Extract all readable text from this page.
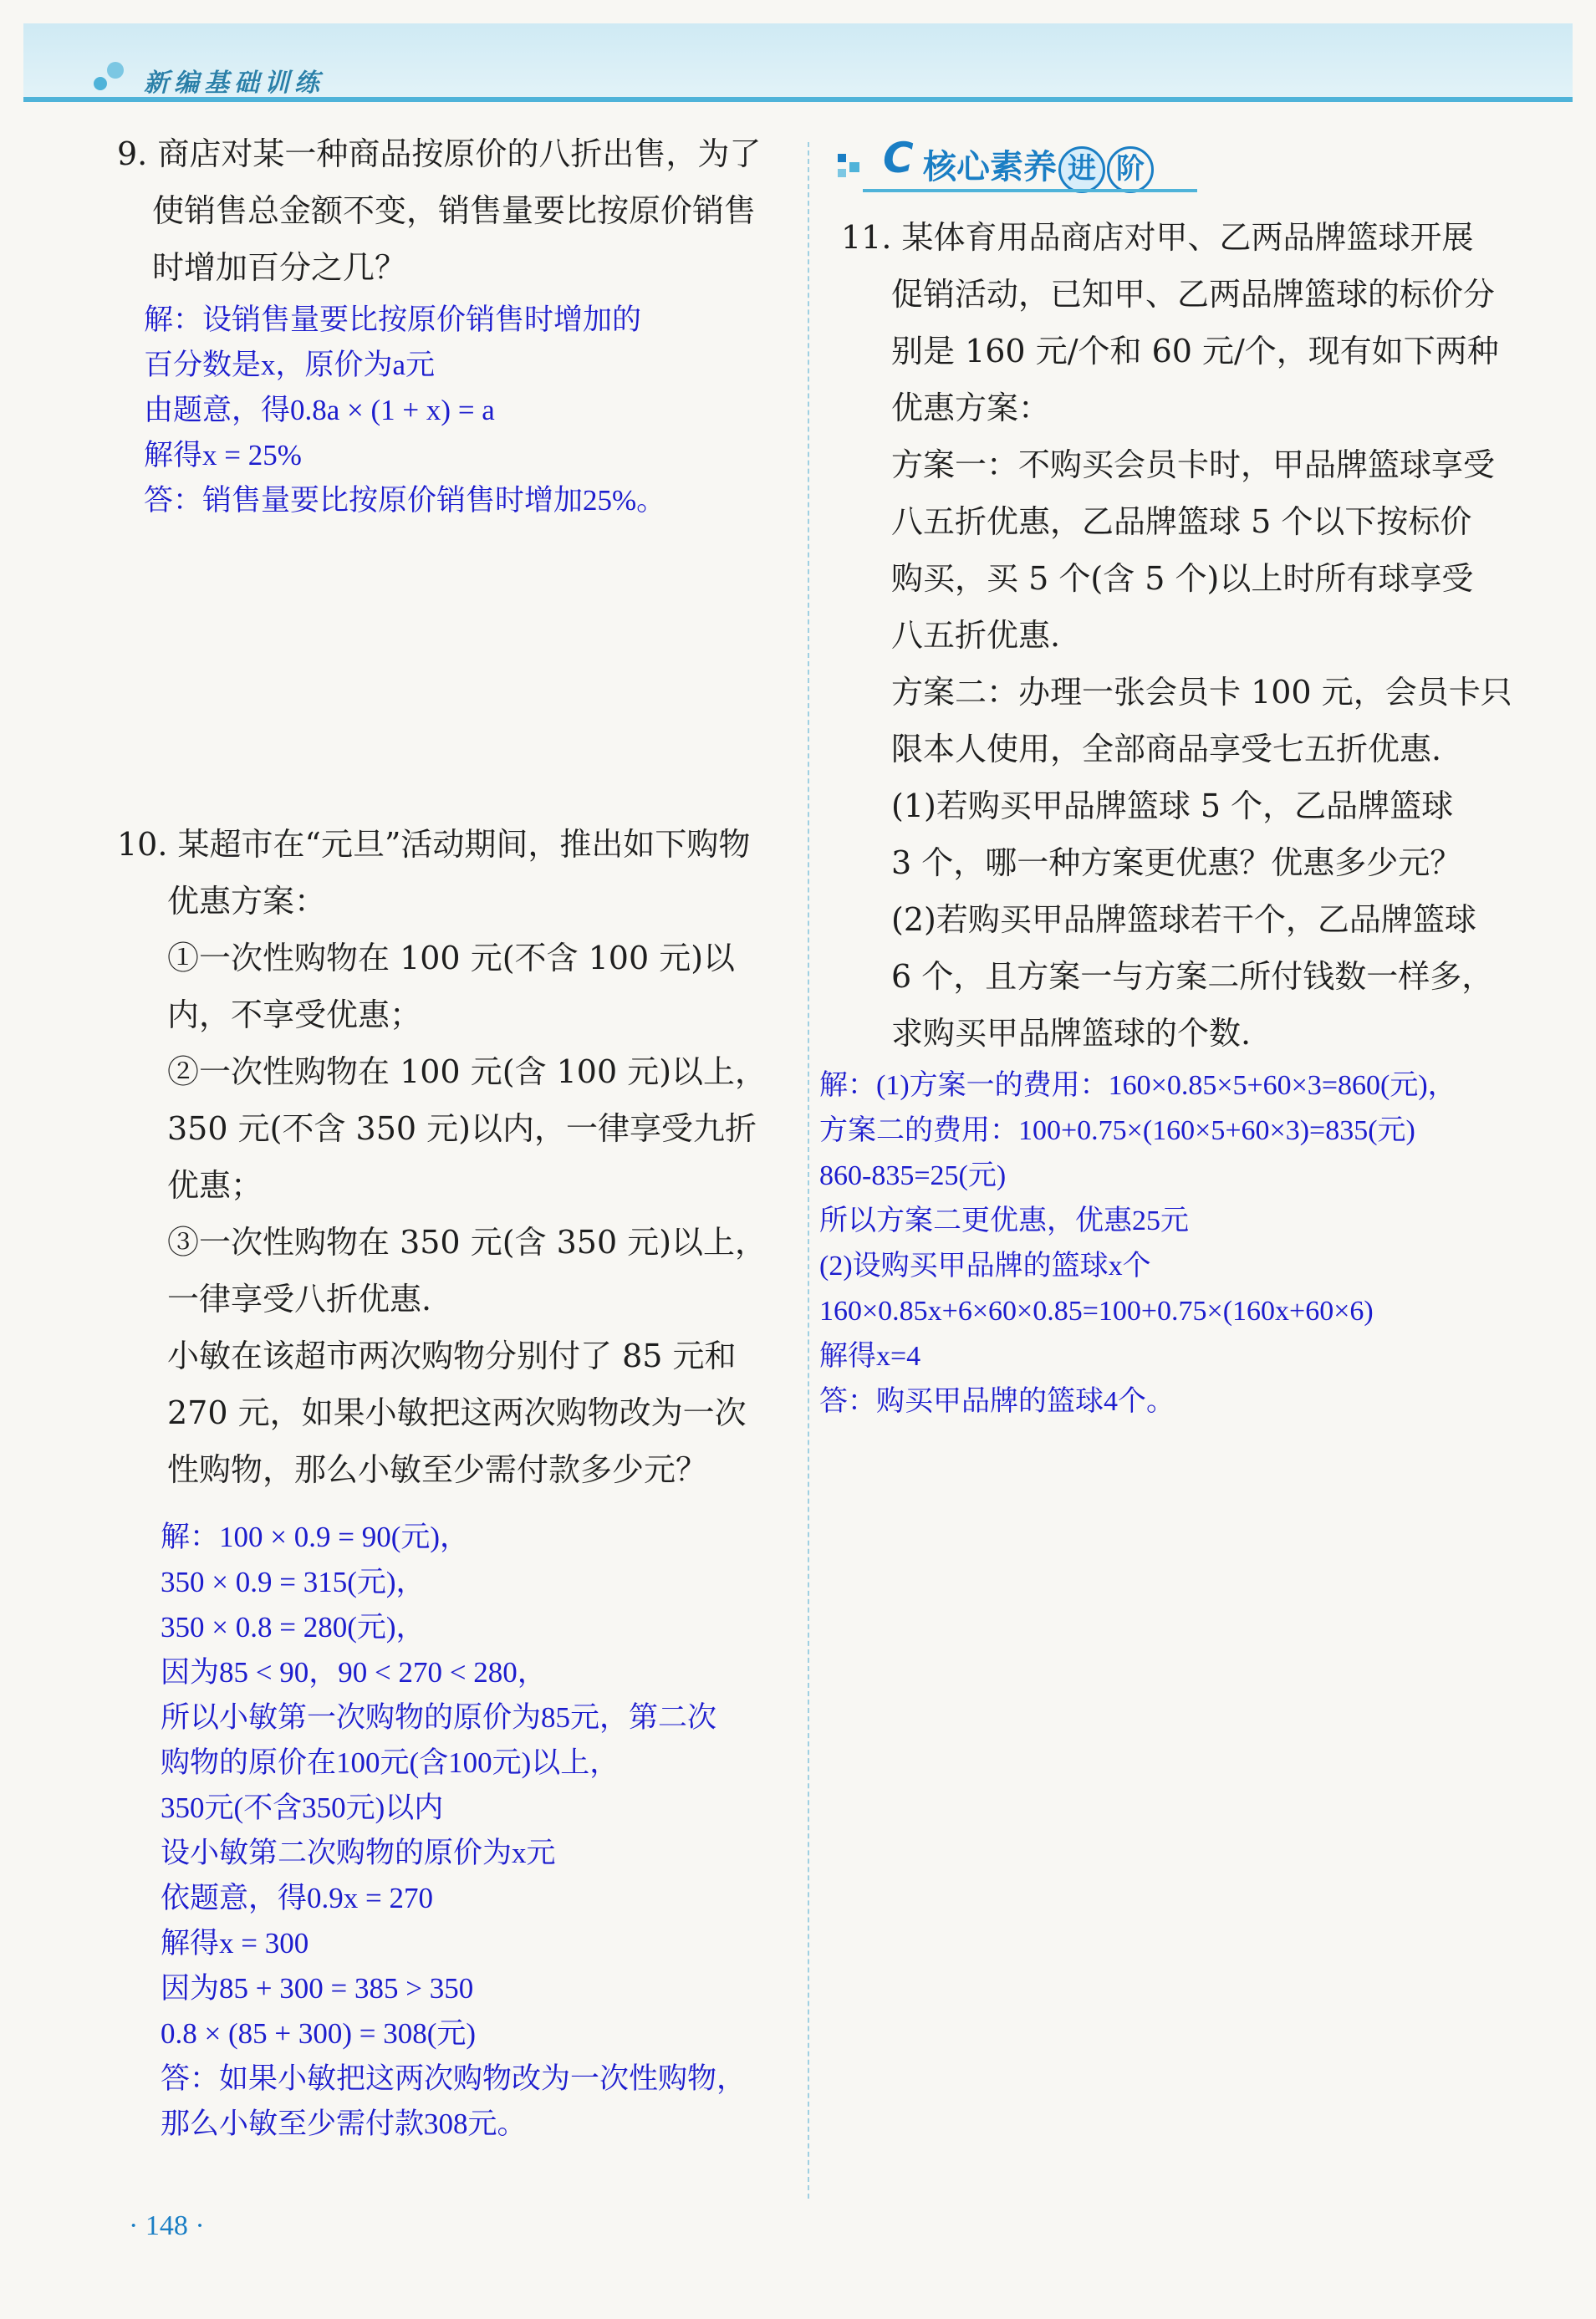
新编基础训练

9. 商店对某一种商品按原价的八折出售，为了

使销售总金额不变，销售量要比按原价销售

时增加百分之几？

解：设销售量要比按原价销售时增加的

百分数是x，原价为a元

由题意，得0.8a × (1 + x) = a

解得x = 25%

答：销售量要比按原价销售时增加25%。

10. 某超市在“元旦”活动期间，推出如下购物

优惠方案：

①一次性购物在 100 元(不含 100 元)以

内，不享受优惠；

②一次性购物在 100 元(含 100 元)以上，

350 元(不含 350 元)以内，一律享受九折

优惠；

③一次性购物在 350 元(含 350 元)以上，

一律享受八折优惠.

小敏在该超市两次购物分别付了 85 元和

270 元，如果小敏把这两次购物改为一次

性购物，那么小敏至少需付款多少元？

解：100 × 0.9 = 90(元)，

350 × 0.9 = 315(元)，

350 × 0.8 = 280(元)，

因为85 < 90，90 < 270 < 280，

所以小敏第一次购物的原价为85元，第二次

购物的原价在100元(含100元)以上，

350元(不含350元)以内

设小敏第二次购物的原价为x元

依题意，得0.9x = 270

解得x = 300

因为85 + 300 = 385 > 350

0.8 × (85 + 300) = 308(元)

答：如果小敏把这两次购物改为一次性购物，

那么小敏至少需付款308元。

C 核心素养 进 阶

11. 某体育用品商店对甲、乙两品牌篮球开展

促销活动，已知甲、乙两品牌篮球的标价分

别是 160 元/个和 60 元/个，现有如下两种

优惠方案：

方案一：不购买会员卡时，甲品牌篮球享受

八五折优惠，乙品牌篮球 5 个以下按标价

购买，买 5 个(含 5 个)以上时所有球享受

八五折优惠.

方案二：办理一张会员卡 100 元，会员卡只

限本人使用，全部商品享受七五折优惠.

(1)若购买甲品牌篮球 5 个，乙品牌篮球

3 个，哪一种方案更优惠？优惠多少元？

(2)若购买甲品牌篮球若干个，乙品牌篮球

6 个，且方案一与方案二所付钱数一样多，

求购买甲品牌篮球的个数.

解：(1)方案一的费用：160×0.85×5+60×3=860(元)，

方案二的费用：100+0.75×(160×5+60×3)=835(元)

860-835=25(元)

所以方案二更优惠，优惠25元

(2)设购买甲品牌的篮球x个

160×0.85x+6×60×0.85=100+0.75×(160x+60×6)

解得x=4

答：购买甲品牌的篮球4个。

· 148 ·
